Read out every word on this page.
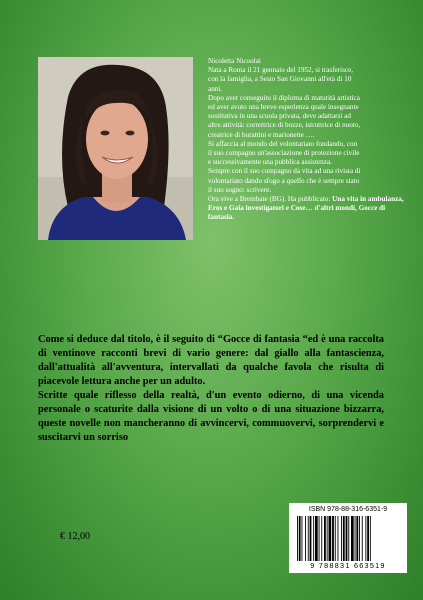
Nicoletta Nicoolai

Nata a Roma il 21 gennaio del 1952, si trasferisce,

con la famiglia, a Sesto San Giovanni all'età di 10

anni.

Dopo aver conseguito il diploma di maturità artistica

ed aver avuto una breve esperienza quale insegnante

sostitutiva in una scuola privata, deve adattarsi ad

altre attività: correttrice di bozze, istruttrice di nuoto,

creatrice di burattini e marionette ….

Si affaccia al mondo del volontariato fondando, con

il suo compagno un'associazione di protezione civile

e successivamente una pubblica assistenza.

Sempre con il suo compagno da vita ad una rivista di

volontariato dando sfogo a quello che è sempre stato

il suo sogno: scrivere.

Ora vive a Brembate (BG). Ha pubblicato: Una vita in ambulanza, Eros e Gaia investigatori e Cose… d'altri mondi, Gocce di fantasia.

Come si deduce dal titolo, è il seguito di “Gocce di fantasia “ed è una raccolta di ventinove racconti brevi di vario genere: dal giallo alla fantascienza, dall'attualità all'avventura, intervallati da qualche favola che risulta di piacevole lettura anche per un adulto.

Scritte quale riflesso della realtà, d'un evento odierno, di una vicenda personale o scaturite dalla visione di un volto o di una situazione bizzarra, queste novelle non mancheranno di avvincervi, commuovervi, sorprendervi e suscitarvi un sorriso

€ 12,00
ISBN 978-88-316-6351-9
9 788831 663519
